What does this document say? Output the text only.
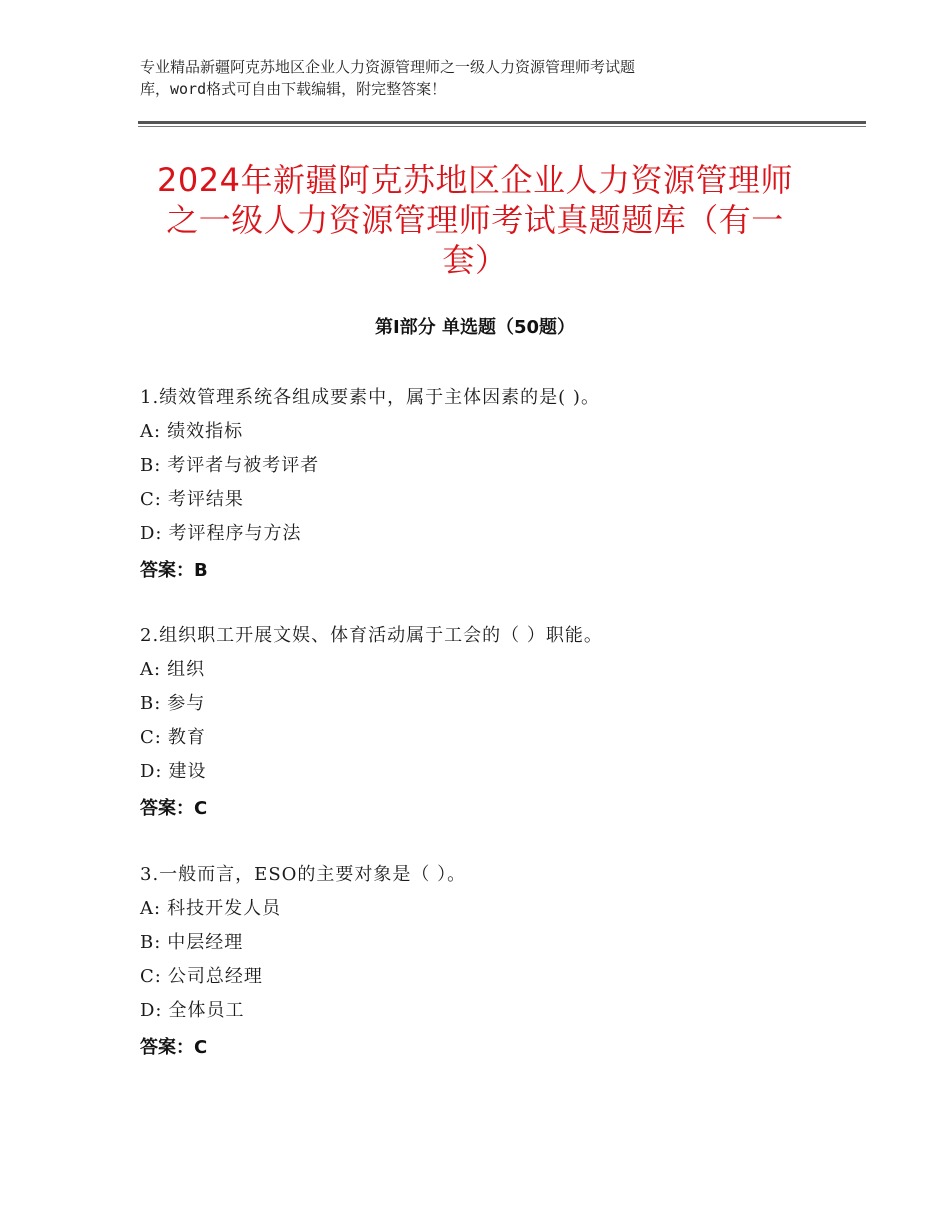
专业精品新疆阿克苏地区企业人力资源管理师之一级人力资源管理师考试题
库，word格式可自由下载编辑，附完整答案！
2024年新疆阿克苏地区企业人力资源管理师
之一级人力资源管理师考试真题题库（有一
套）
第Ⅰ部分 单选题（50题）
1.绩效管理系统各组成要素中，属于主体因素的是( )。
A: 绩效指标
B: 考评者与被考评者
C: 考评结果
D: 考评程序与方法
答案：B
2.组织职工开展文娱、体育活动属于工会的（ ）职能。
A: 组织
B: 参与
C: 教育
D: 建设
答案：C
3.一般而言，ESO的主要对象是（ ）。
A: 科技开发人员
B: 中层经理
C: 公司总经理
D: 全体员工
答案：C
